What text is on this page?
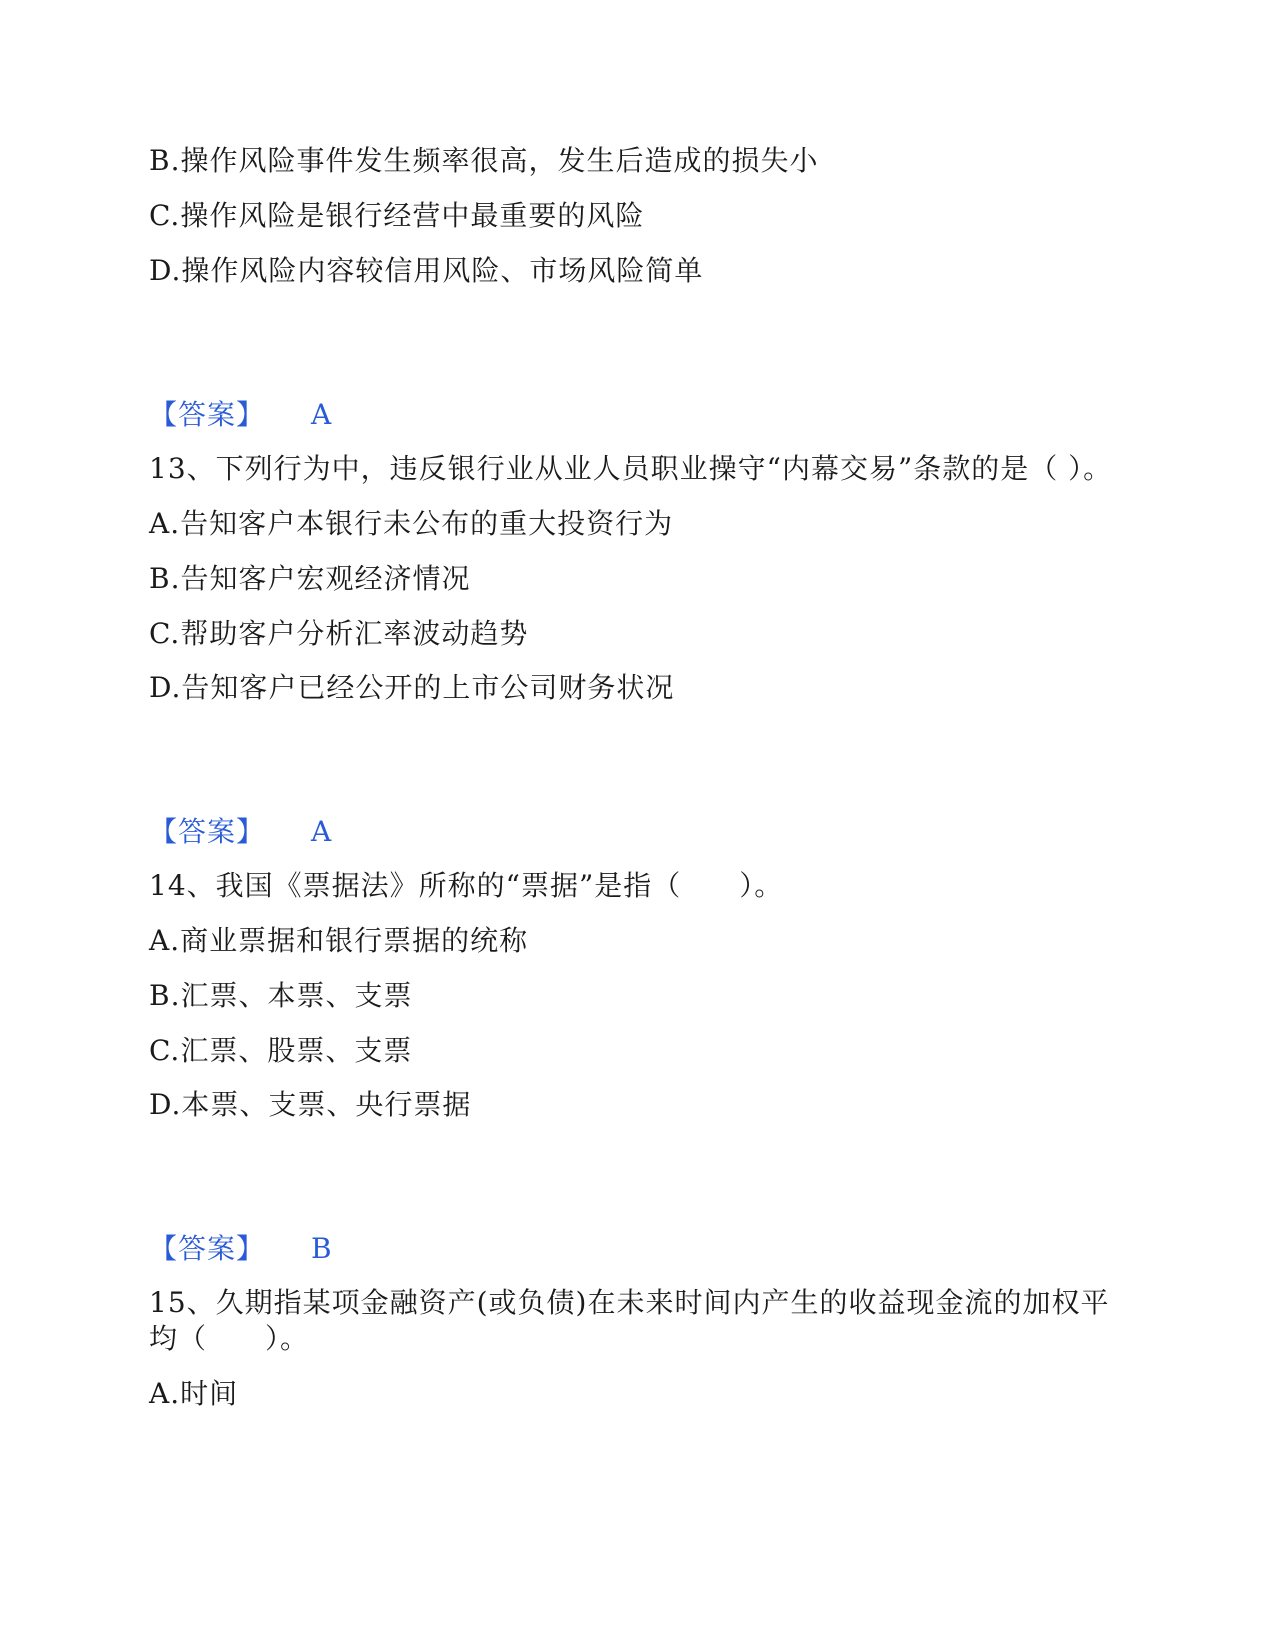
B.操作风险事件发生频率很高，发生后造成的损失小
C.操作风险是银行经营中最重要的风险
D.操作风险内容较信用风险、市场风险简单
【答案】 A
13、下列行为中，违反银行业从业人员职业操守“内幕交易”条款的是（ ）。
A.告知客户本银行未公布的重大投资行为
B.告知客户宏观经济情况
C.帮助客户分析汇率波动趋势
D.告知客户已经公开的上市公司财务状况
【答案】 A
14、我国《票据法》所称的“票据”是指（　　）。
A.商业票据和银行票据的统称
B.汇票、本票、支票
C.汇票、股票、支票
D.本票、支票、央行票据
【答案】 B
15、久期指某项金融资产(或负债)在未来时间内产生的收益现金流的加权平
均（　　）。
A.时间
